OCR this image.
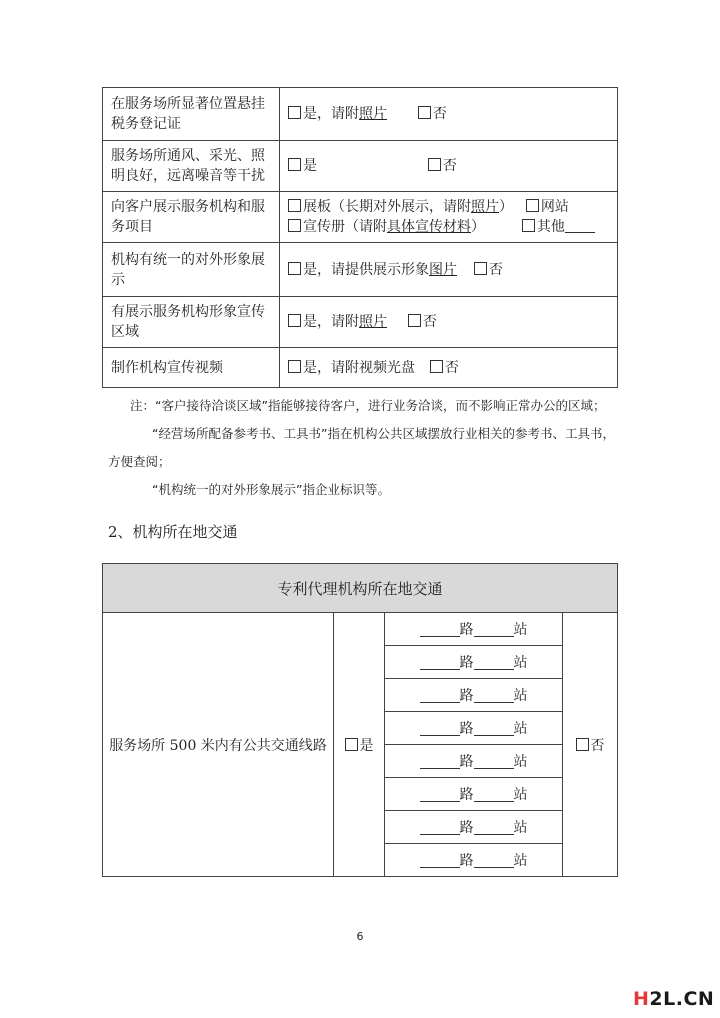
在服务场所显著位置悬挂税务登记证	是，请附照片 否
服务场所通风、采光、照明良好，远离噪音等干扰	是 否
向客户展示服务机构和服务项目	展板（长期对外展示，请附照片） 网站
宣传册（请附具体宣传材料） 其他

机构有统一的对外形象展示	是，请提供展示形象图片 否
有展示服务机构形象宣传区域	是，请附照片 否
制作机构宣传视频	是，请附视频光盘 否
注：“客户接待洽谈区域”指能够接待客户，进行业务洽谈，而不影响正常办公的区域；
“经营场所配备参考书、工具书”指在机构公共区域摆放行业相关的参考书、工具书，
方便查阅；
“机构统一的对外形象展示”指企业标识等。
2、机构所在地交通
专利代理机构所在地交通
服务场所 500 米内有公共交通线路	是	路	站	否
路	站
路	站
路	站
路	站
路	站
路	站
路	站
6
H2L.CN
